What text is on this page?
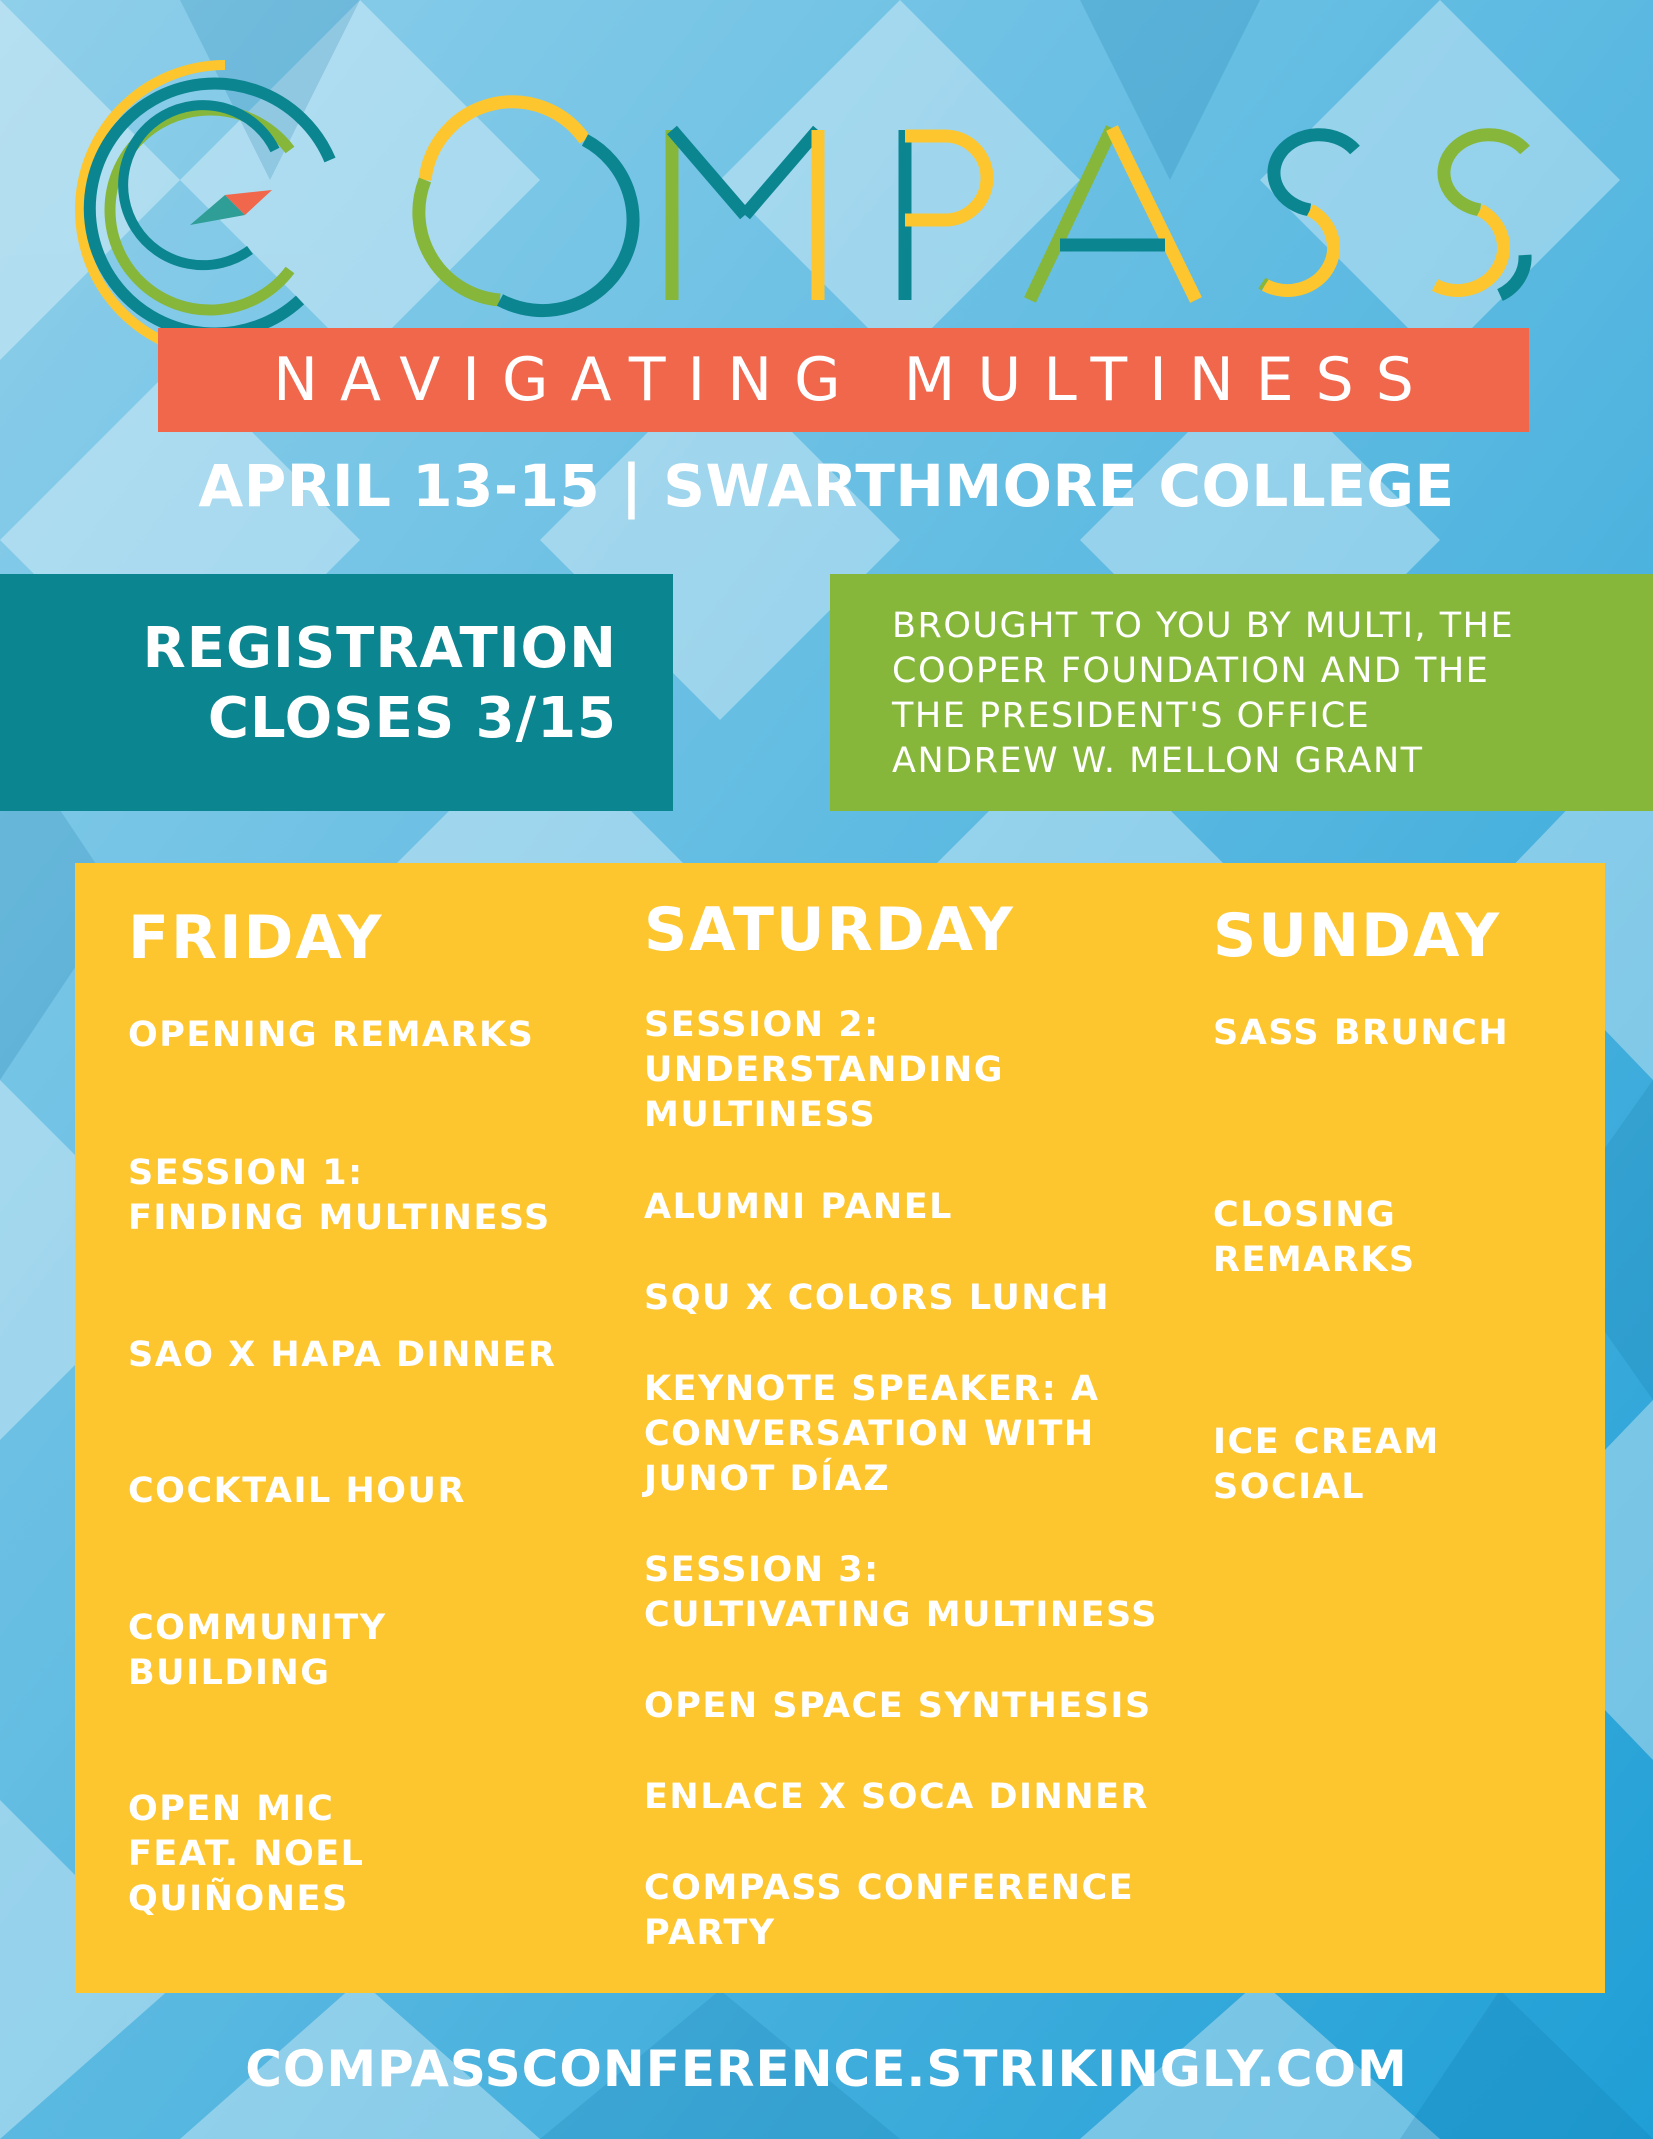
NAVIGATING MULTINESS
APRIL 13-15 | SWARTHMORE COLLEGE
REGISTRATION
CLOSES 3/15
BROUGHT TO YOU BY MULTI, THE
COOPER FOUNDATION AND THE
THE PRESIDENT'S OFFICE
ANDREW W. MELLON GRANT
FRIDAY
OPENING REMARKS
SESSION 1:
FINDING MULTINESS
SAO X HAPA DINNER
COCKTAIL HOUR
COMMUNITY
BUILDING
OPEN MIC
FEAT. NOEL
QUIÑONES
SATURDAY
SESSION 2:
UNDERSTANDING
MULTINESS
ALUMNI PANEL
SQU X COLORS LUNCH
KEYNOTE SPEAKER: A
CONVERSATION WITH
JUNOT DÍAZ
SESSION 3:
CULTIVATING MULTINESS
OPEN SPACE SYNTHESIS
ENLACE X SOCA DINNER
COMPASS CONFERENCE
PARTY
SUNDAY
SASS BRUNCH
CLOSING
REMARKS
ICE CREAM
SOCIAL
COMPASSCONFERENCE.STRIKINGLY.COM
